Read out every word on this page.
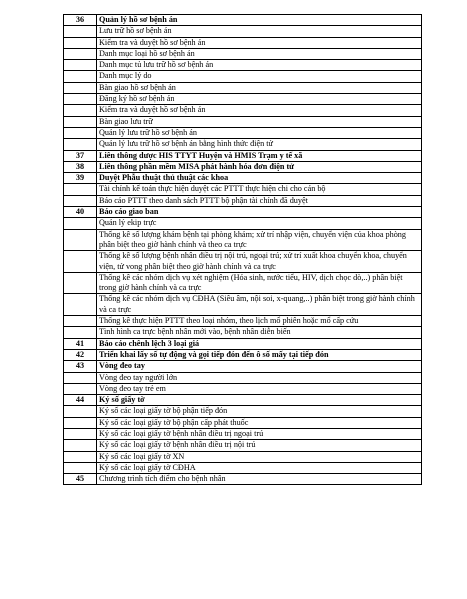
36	Quản lý hồ sơ bệnh án
	Lưu trữ hồ sơ bệnh án
	Kiểm tra và duyệt hồ sơ bệnh án
	Danh mục loại hồ sơ bệnh án
	Danh mục tủ lưu trữ hồ sơ bệnh án
	Danh mục lý do
	Bàn giao hồ sơ bệnh án
	Đăng ký hồ sơ bệnh án
	Kiểm tra và duyệt hồ sơ bệnh án
	Bàn giao lưu trữ
	Quản lý lưu trữ hồ sơ bệnh án
	Quản lý lưu trữ hồ sơ bệnh án bằng hình thức điện tử
37	Liên thông dược HIS TTYT Huyện và HMIS Trạm y tế xã
38	Liên thông phần mềm MISA phát hành hóa đơn điện tử
39	Duyệt Phẫu thuật thủ thuật các khoa
	Tài chính kế toán thực hiện duyệt các PTTT thực hiện chi cho cán bộ
	Báo cáo PTTT theo danh sách PTTT bộ phận tài chính đã duyệt
40	Báo cáo giao ban
	Quản lý ekip trực
	Thống kê số lượng khám bệnh tại phòng khám; xử trí nhập viện, chuyển viện của khoa phòng phân biệt theo giờ hành chính và theo ca trực
	Thống kê số lượng bệnh nhân điều trị nội trú, ngoại trú; xử trí xuất khoa chuyển khoa, chuyển viện, tử vong phân biệt theo giờ hành chính và ca trực
	Thống kê các nhóm dịch vụ xét nghiệm (Hóa sinh, nước tiểu, HIV, dịch chọc dò,..) phân biệt trong giờ hành chính và ca trực
	Thống kê các nhóm dịch vụ CĐHA (Siêu âm, nội soi, x-quang,..) phân biệt trong giờ hành chính và ca trực
	Thống kê thực hiện PTTT theo loại nhóm, theo lịch mổ phiên hoặc mổ cấp cứu
	Tình hình ca trực bệnh nhân mới vào, bệnh nhân diễn biến
41	Báo cáo chênh lệch 3 loại giá
42	Triển khai lấy số tự động và gọi tiếp đón đến ô số mấy tại tiếp đón
43	Vòng đeo tay
	Vòng đeo tay người lớn
	Vòng đeo tay trẻ em
44	Ký số giấy tờ
	Ký số các loại giấy tờ bộ phận tiếp đón
	Ký số các loại giấy tờ bộ phận cấp phát thuốc
	Ký số các loại giấy tờ bệnh nhân điều trị ngoại trú
	Ký số các loại giấy tờ bệnh nhân điều trị nội trú
	Ký số các loại giấy tờ XN
	Ký số các loại giấy tờ CĐHA
45	Chương trình tích điểm cho bệnh nhân
